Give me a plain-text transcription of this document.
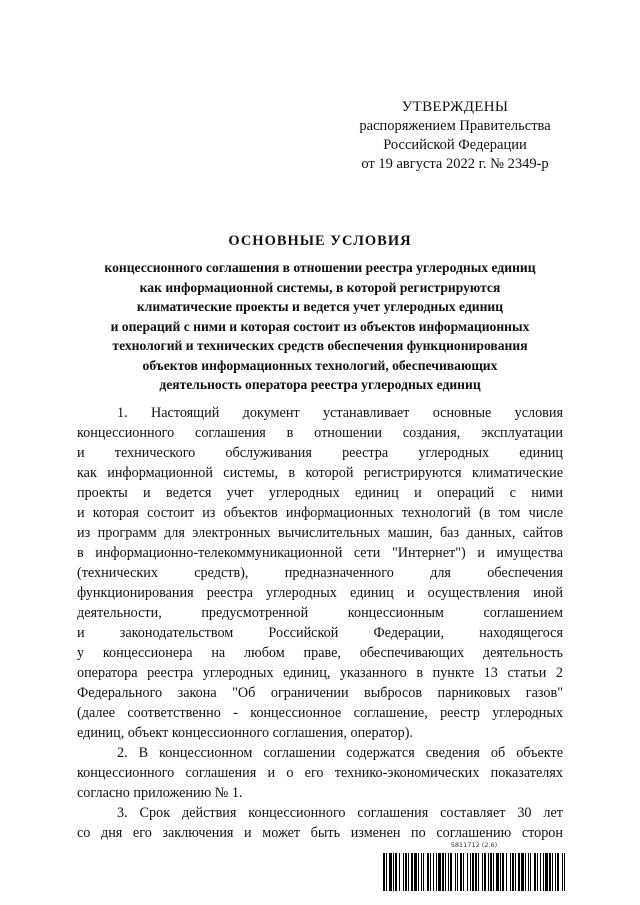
УТВЕРЖДЕНЫ
распоряжением Правительства
Российской Федерации
от 19 августа 2022 г. № 2349-р
ОСНОВНЫЕ УСЛОВИЯ
концессионного соглашения в отношении реестра углеродных единиц
как информационной системы, в которой регистрируются
климатические проекты и ведется учет углеродных единиц
и операций с ними и которая состоит из объектов информационных
технологий и технических средств обеспечения функционирования
объектов информационных технологий, обеспечивающих
деятельность оператора реестра углеродных единиц
1. Настоящий документ устанавливает основные условия
концессионного соглашения в отношении создания, эксплуатации
и технического обслуживания реестра углеродных единиц
как информационной системы, в которой регистрируются климатические
проекты и ведется учет углеродных единиц и операций с ними
и которая состоит из объектов информационных технологий (в том числе
из программ для электронных вычислительных машин, баз данных, сайтов
в информационно-телекоммуникационной сети "Интернет") и имущества
(технических средств), предназначенного для обеспечения
функционирования реестра углеродных единиц и осуществления иной
деятельности, предусмотренной концессионным соглашением
и законодательством Российской Федерации, находящегося
у концессионера на любом праве, обеспечивающих деятельность
оператора реестра углеродных единиц, указанного в пункте 13 статьи 2
Федерального закона "Об ограничении выбросов парниковых газов"
(далее соответственно - концессионное соглашение, реестр углеродных
единиц, объект концессионного соглашения, оператор).
2. В концессионном соглашении содержатся сведения об объекте
концессионного соглашения и о его технико-экономических показателях
согласно приложению № 1.
3. Срок действия концессионного соглашения составляет 30 лет
со дня его заключения и может быть изменен по соглашению сторон
5811712 (2.6)
